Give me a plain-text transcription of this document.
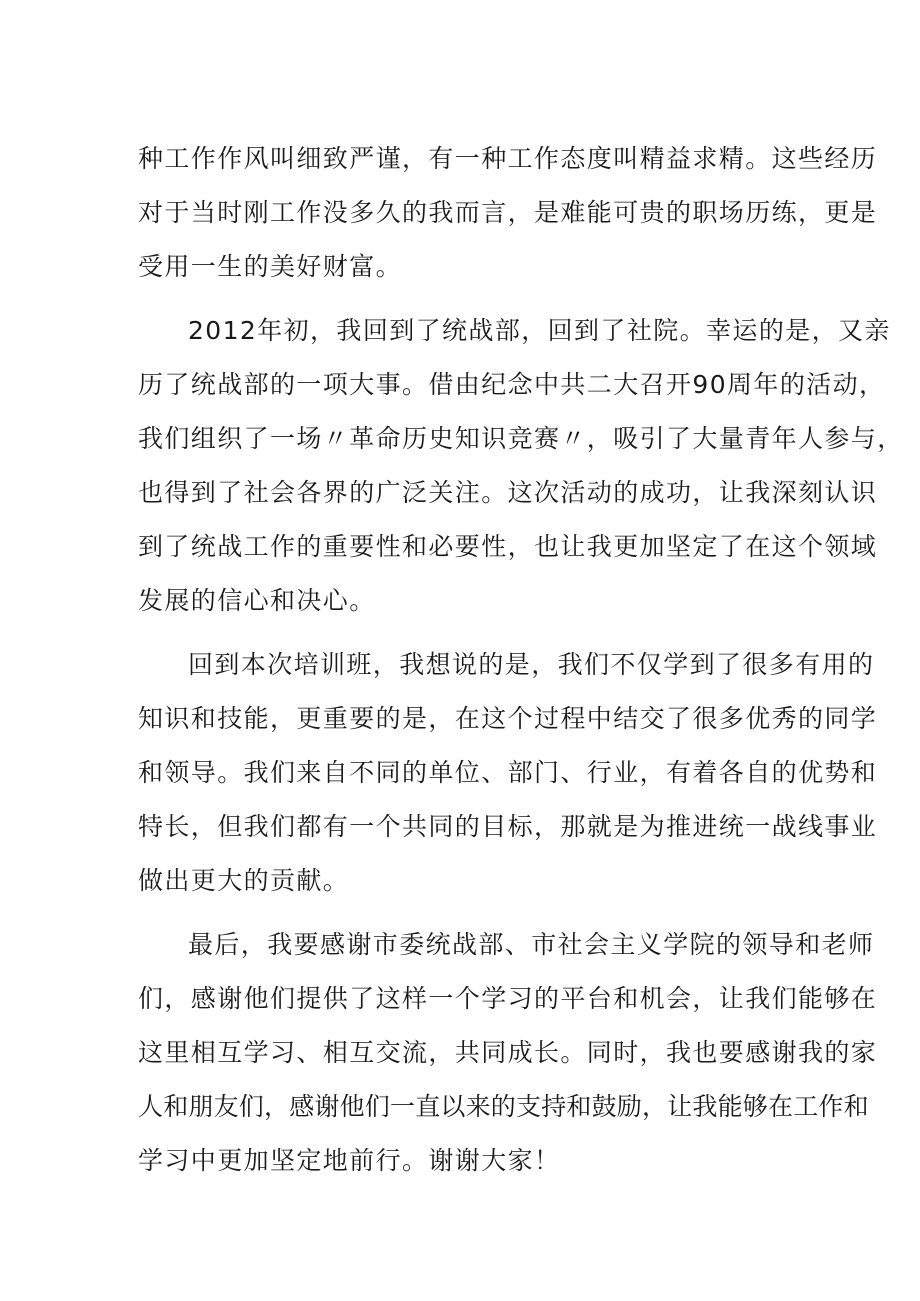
种工作作风叫细致严谨，有一种工作态度叫精益求精。这些经历
对于当时刚工作没多久的我而言，是难能可贵的职场历练，更是
受用一生的美好财富。

2012年初，我回到了统战部，回到了社院。幸运的是，又亲
历了统战部的一项大事。借由纪念中共二大召开90周年的活动，
我们组织了一场〃革命历史知识竞赛〃，吸引了大量青年人参与，
也得到了社会各界的广泛关注。这次活动的成功，让我深刻认识
到了统战工作的重要性和必要性，也让我更加坚定了在这个领域
发展的信心和决心。

回到本次培训班，我想说的是，我们不仅学到了很多有用的
知识和技能，更重要的是，在这个过程中结交了很多优秀的同学
和领导。我们来自不同的单位、部门、行业，有着各自的优势和
特长，但我们都有一个共同的目标，那就是为推进统一战线事业
做出更大的贡献。

最后，我要感谢市委统战部、市社会主义学院的领导和老师
们，感谢他们提供了这样一个学习的平台和机会，让我们能够在
这里相互学习、相互交流，共同成长。同时，我也要感谢我的家
人和朋友们，感谢他们一直以来的支持和鼓励，让我能够在工作和
学习中更加坚定地前行。谢谢大家！
